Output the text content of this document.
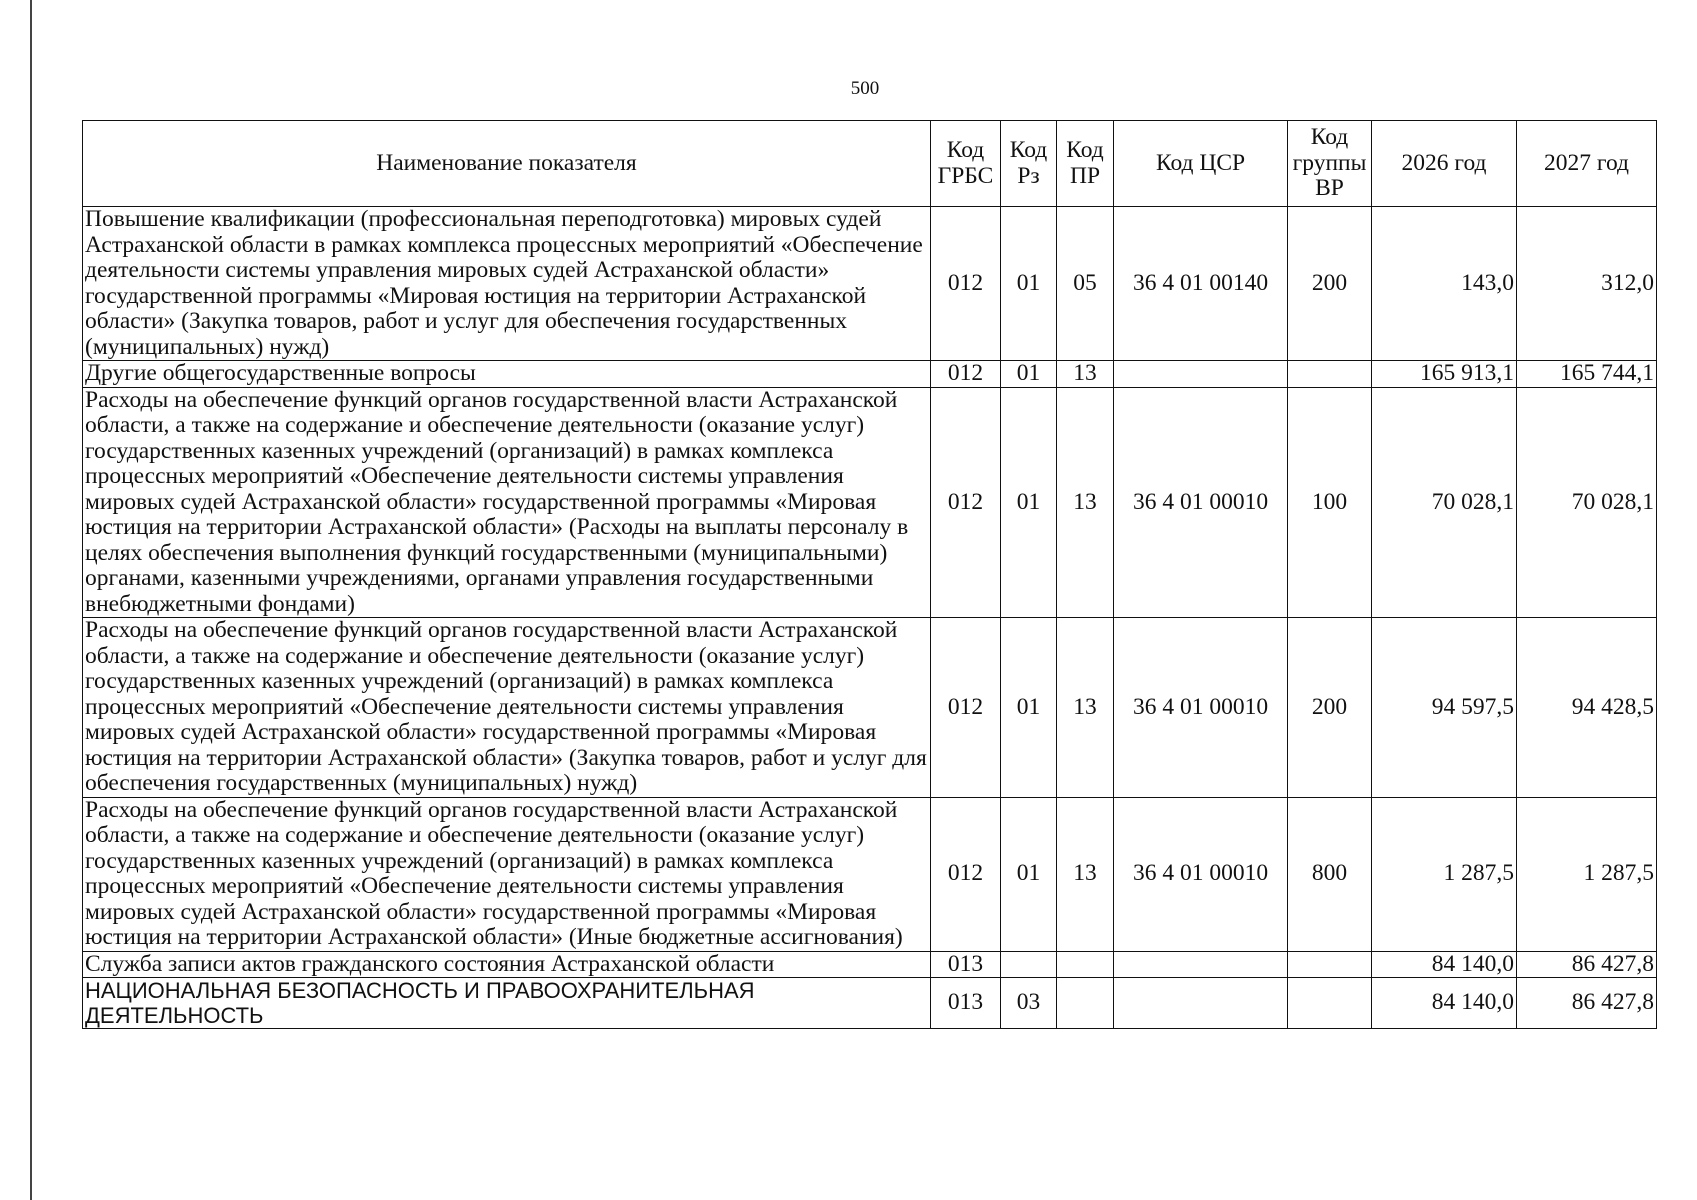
500
Наименование показателя	Код ГРБС	Код Рз	Код ПР	Код ЦСР	Код группы ВР	2026 год	2027 год
Повышение квалификации (профессиональная переподготовка) мировых судей Астраханской области в рамках комплекса процессных мероприятий «Обеспечение деятельности системы управления мировых судей Астраханской области» государственной программы «Мировая юстиция на территории Астраханской области» (Закупка товаров, работ и услуг для обеспечения государственных (муниципальных) нужд)	012	01	05	36 4 01 00140	200	143,0	312,0
Другие общегосударственные вопросы	012	01	13			165 913,1	165 744,1
Расходы на обеспечение функций органов государственной власти Астраханской области, а также на содержание и обеспечение деятельности (оказание услуг) государственных казенных учреждений (организаций) в рамках комплекса процессных мероприятий «Обеспечение деятельности системы управления мировых судей Астраханской области» государственной программы «Мировая юстиция на территории Астраханской области» (Расходы на выплаты персоналу в целях обеспечения выполнения функций государственными (муниципальными) органами, казенными учреждениями, органами управления государственными внебюджетными фондами)	012	01	13	36 4 01 00010	100	70 028,1	70 028,1
Расходы на обеспечение функций органов государственной власти Астраханской области, а также на содержание и обеспечение деятельности (оказание услуг) государственных казенных учреждений (организаций) в рамках комплекса процессных мероприятий «Обеспечение деятельности системы управления мировых судей Астраханской области» государственной программы «Мировая юстиция на территории Астраханской области» (Закупка товаров, работ и услуг для обеспечения государственных (муниципальных) нужд)	012	01	13	36 4 01 00010	200	94 597,5	94 428,5
Расходы на обеспечение функций органов государственной власти Астраханской области, а также на содержание и обеспечение деятельности (оказание услуг) государственных казенных учреждений (организаций) в рамках комплекса процессных мероприятий «Обеспечение деятельности системы управления мировых судей Астраханской области» государственной программы «Мировая юстиция на территории Астраханской области» (Иные бюджетные ассигнования)	012	01	13	36 4 01 00010	800	1 287,5	1 287,5
Служба записи актов гражданского состояния Астраханской области	013					84 140,0	86 427,8
НАЦИОНАЛЬНАЯ БЕЗОПАСНОСТЬ И ПРАВООХРАНИТЕЛЬНАЯ ДЕЯТЕЛЬНОСТЬ	013	03				84 140,0	86 427,8
